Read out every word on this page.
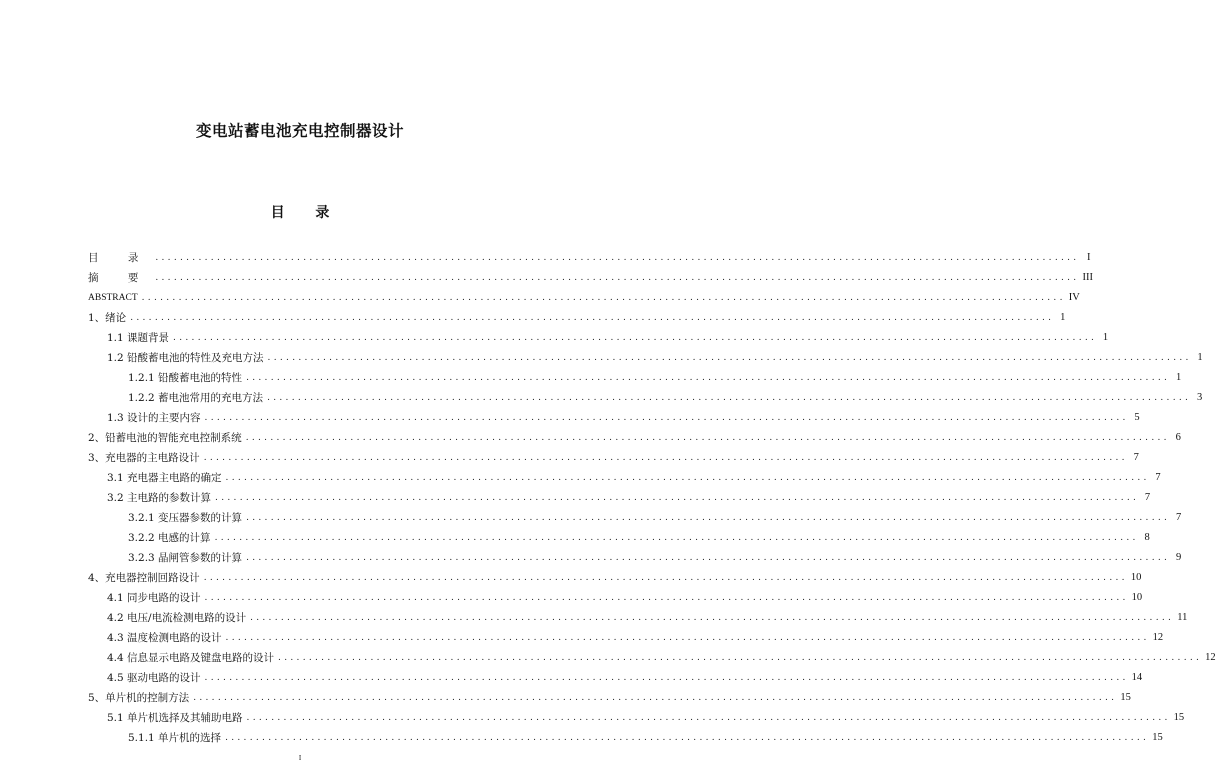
变电站蓄电池充电控制器设计
目 录
目 录 ...................................................................................................................................................... I
摘 要 ...................................................................................................................................................... III
ABSTRACT ...................................................................................................................................................... IV
1、绪论 ...................................................................................................................................................... 1
1.1 课题背景 ...................................................................................................................................................... 1
1.2 铅酸蓄电池的特性及充电方法 ...................................................................................................................................................... 1
1.2.1 铅酸蓄电池的特性 ...................................................................................................................................................... 1
1.2.2 蓄电池常用的充电方法 ...................................................................................................................................................... 3
1.3 设计的主要内容 ...................................................................................................................................................... 5
2、铅蓄电池的智能充电控制系统 ...................................................................................................................................................... 6
3、充电器的主电路设计 ...................................................................................................................................................... 7
3.1 充电器主电路的确定 ...................................................................................................................................................... 7
3.2 主电路的参数计算 ...................................................................................................................................................... 7
3.2.1 变压器参数的计算 ...................................................................................................................................................... 7
3.2.2 电感的计算 ...................................................................................................................................................... 8
3.2.3 晶闸管参数的计算 ...................................................................................................................................................... 9
4、充电器控制回路设计 ...................................................................................................................................................... 10
4.1 同步电路的设计 ...................................................................................................................................................... 10
4.2 电压/电流检测电路的设计 ...................................................................................................................................................... 11
4.3 温度检测电路的设计 ...................................................................................................................................................... 12
4.4 信息显示电路及键盘电路的设计 ...................................................................................................................................................... 12
4.5 驱动电路的设计 ...................................................................................................................................................... 14
5、单片机的控制方法 ...................................................................................................................................................... 15
5.1 单片机选择及其辅助电路 ...................................................................................................................................................... 15
5.1.1 单片机的选择 ...................................................................................................................................................... 15
I
